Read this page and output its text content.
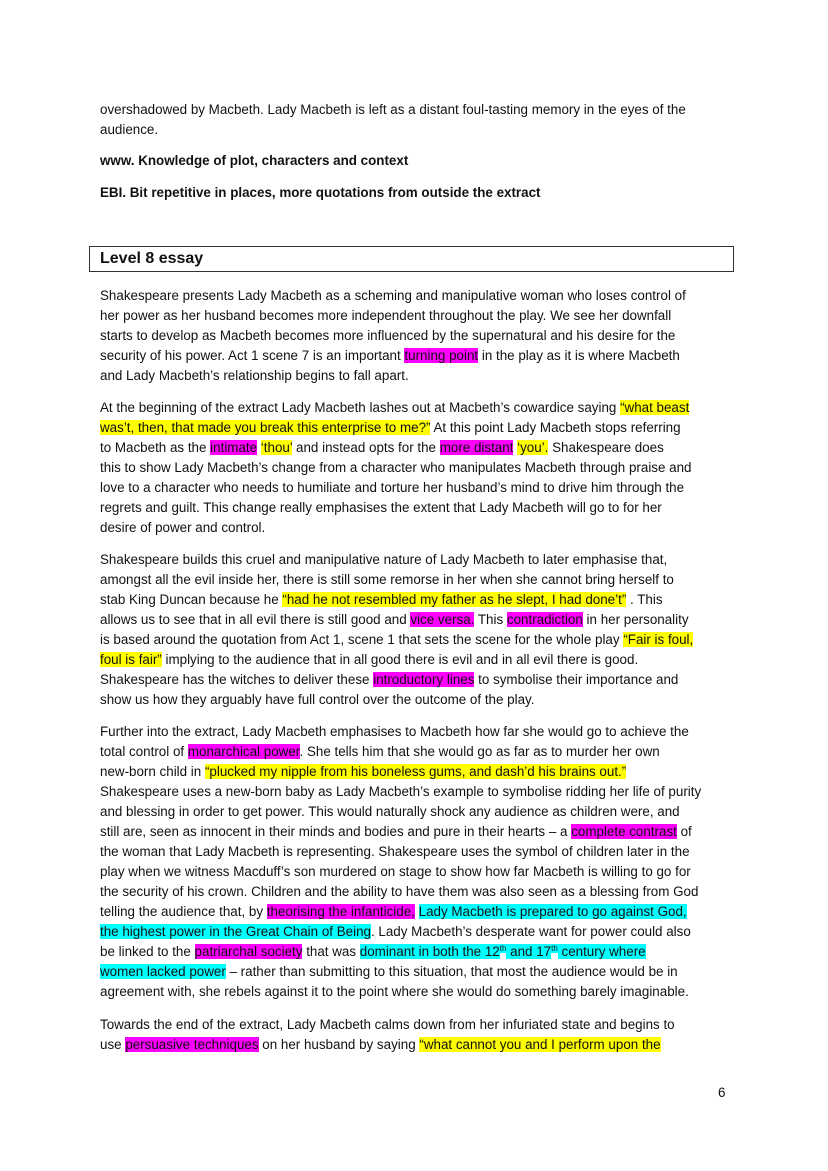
overshadowed by Macbeth. Lady Macbeth is left as a distant foul-tasting memory in the eyes of the
audience.
www. Knowledge of plot, characters and context
EBI. Bit repetitive in places, more quotations from outside the extract
Shakespeare presents Lady Macbeth as a scheming and manipulative woman who loses control of
her power as her husband becomes more independent throughout the play. We see her downfall
starts to develop as Macbeth becomes more influenced by the supernatural and his desire for the
security of his power. Act 1 scene 7 is an important turning point in the play as it is where Macbeth
and Lady Macbeth’s relationship begins to fall apart.
At the beginning of the extract Lady Macbeth lashes out at Macbeth’s cowardice saying “what beast
was’t, then, that made you break this enterprise to me?” At this point Lady Macbeth stops referring
to Macbeth as the intimate ‘thou’ and instead opts for the more distant ‘you’. Shakespeare does
this to show Lady Macbeth’s change from a character who manipulates Macbeth through praise and
love to a character who needs to humiliate and torture her husband’s mind to drive him through the
regrets and guilt. This change really emphasises the extent that Lady Macbeth will go to for her
desire of power and control.
Shakespeare builds this cruel and manipulative nature of Lady Macbeth to later emphasise that,
amongst all the evil inside her, there is still some remorse in her when she cannot bring herself to
stab King Duncan because he “had he not resembled my father as he slept, I had done’t” . This
allows us to see that in all evil there is still good and vice versa. This contradiction in her personality
is based around the quotation from Act 1, scene 1 that sets the scene for the whole play “Fair is foul,
foul is fair” implying to the audience that in all good there is evil and in all evil there is good.
Shakespeare has the witches to deliver these introductory lines to symbolise their importance and
show us how they arguably have full control over the outcome of the play.
Further into the extract, Lady Macbeth emphasises to Macbeth how far she would go to achieve the
total control of monarchical power. She tells him that she would go as far as to murder her own
new-born child in “plucked my nipple from his boneless gums, and dash’d his brains out.”
Shakespeare uses a new-born baby as Lady Macbeth’s example to symbolise ridding her life of purity
and blessing in order to get power. This would naturally shock any audience as children were, and
still are, seen as innocent in their minds and bodies and pure in their hearts – a complete contrast of
the woman that Lady Macbeth is representing. Shakespeare uses the symbol of children later in the
play when we witness Macduff’s son murdered on stage to show how far Macbeth is willing to go for
the security of his crown. Children and the ability to have them was also seen as a blessing from God
telling the audience that, by theorising the infanticide, Lady Macbeth is prepared to go against God,
the highest power in the Great Chain of Being. Lady Macbeth’s desperate want for power could also
be linked to the patriarchal society that was dominant in both the 12th and 17th century where
women lacked power – rather than submitting to this situation, that most the audience would be in
agreement with, she rebels against it to the point where she would do something barely imaginable.
Towards the end of the extract, Lady Macbeth calms down from her infuriated state and begins to
use persuasive techniques on her husband by saying “what cannot you and I perform upon the
Level 8 essay
6
